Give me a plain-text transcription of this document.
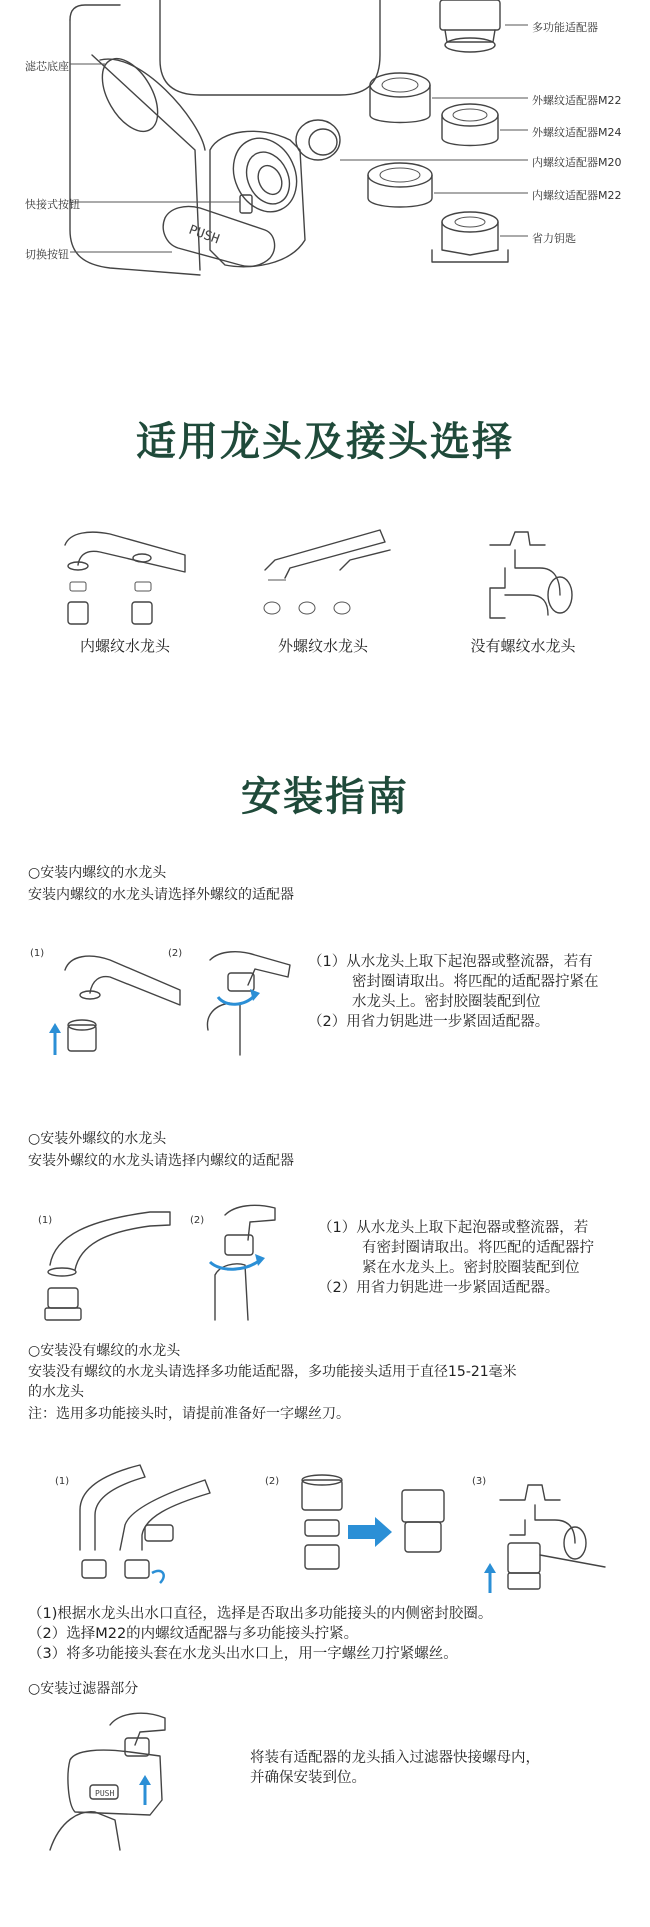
PUSH
滤芯底座
快接式按钮
切换按钮
多功能适配器
外螺纹适配器M22
外螺纹适配器M24
内螺纹适配器M20
内螺纹适配器M22
省力钥匙
适用龙头及接头选择
内螺纹水龙头	外螺纹水龙头	没有螺纹水龙头
安装指南
○安装内螺纹的水龙头
安装内螺纹的水龙头请选择外螺纹的适配器
(1)	(2)
（1）从水龙头上取下起泡器或整流器，若有
密封圈请取出。将匹配的适配器拧紧在
水龙头上。密封胶圈装配到位
（2）用省力钥匙进一步紧固适配器。
○安装外螺纹的水龙头
安装外螺纹的水龙头请选择内螺纹的适配器
(1)	(2)	（1）从水龙头上取下起泡器或整流器，若
有密封圈请取出。将匹配的适配器拧
紧在水龙头上。密封胶圈装配到位
（2）用省力钥匙进一步紧固适配器。
○安装没有螺纹的水龙头
安装没有螺纹的水龙头请选择多功能适配器，多功能接头适用于直径15-21毫米
的水龙头
注：选用多功能接头时，请提前准备好一字螺丝刀。
(1)	(2)	(3)
（1)根据水龙头出水口直径，选择是否取出多功能接头的内侧密封胶圈。
（2）选择M22的内螺纹适配器与多功能接头拧紧。
（3）将多功能接头套在水龙头出水口上，用一字螺丝刀拧紧螺丝。
○安装过滤器部分
PUSH
将装有适配器的龙头插入过滤器快接螺母内，
并确保安装到位。
